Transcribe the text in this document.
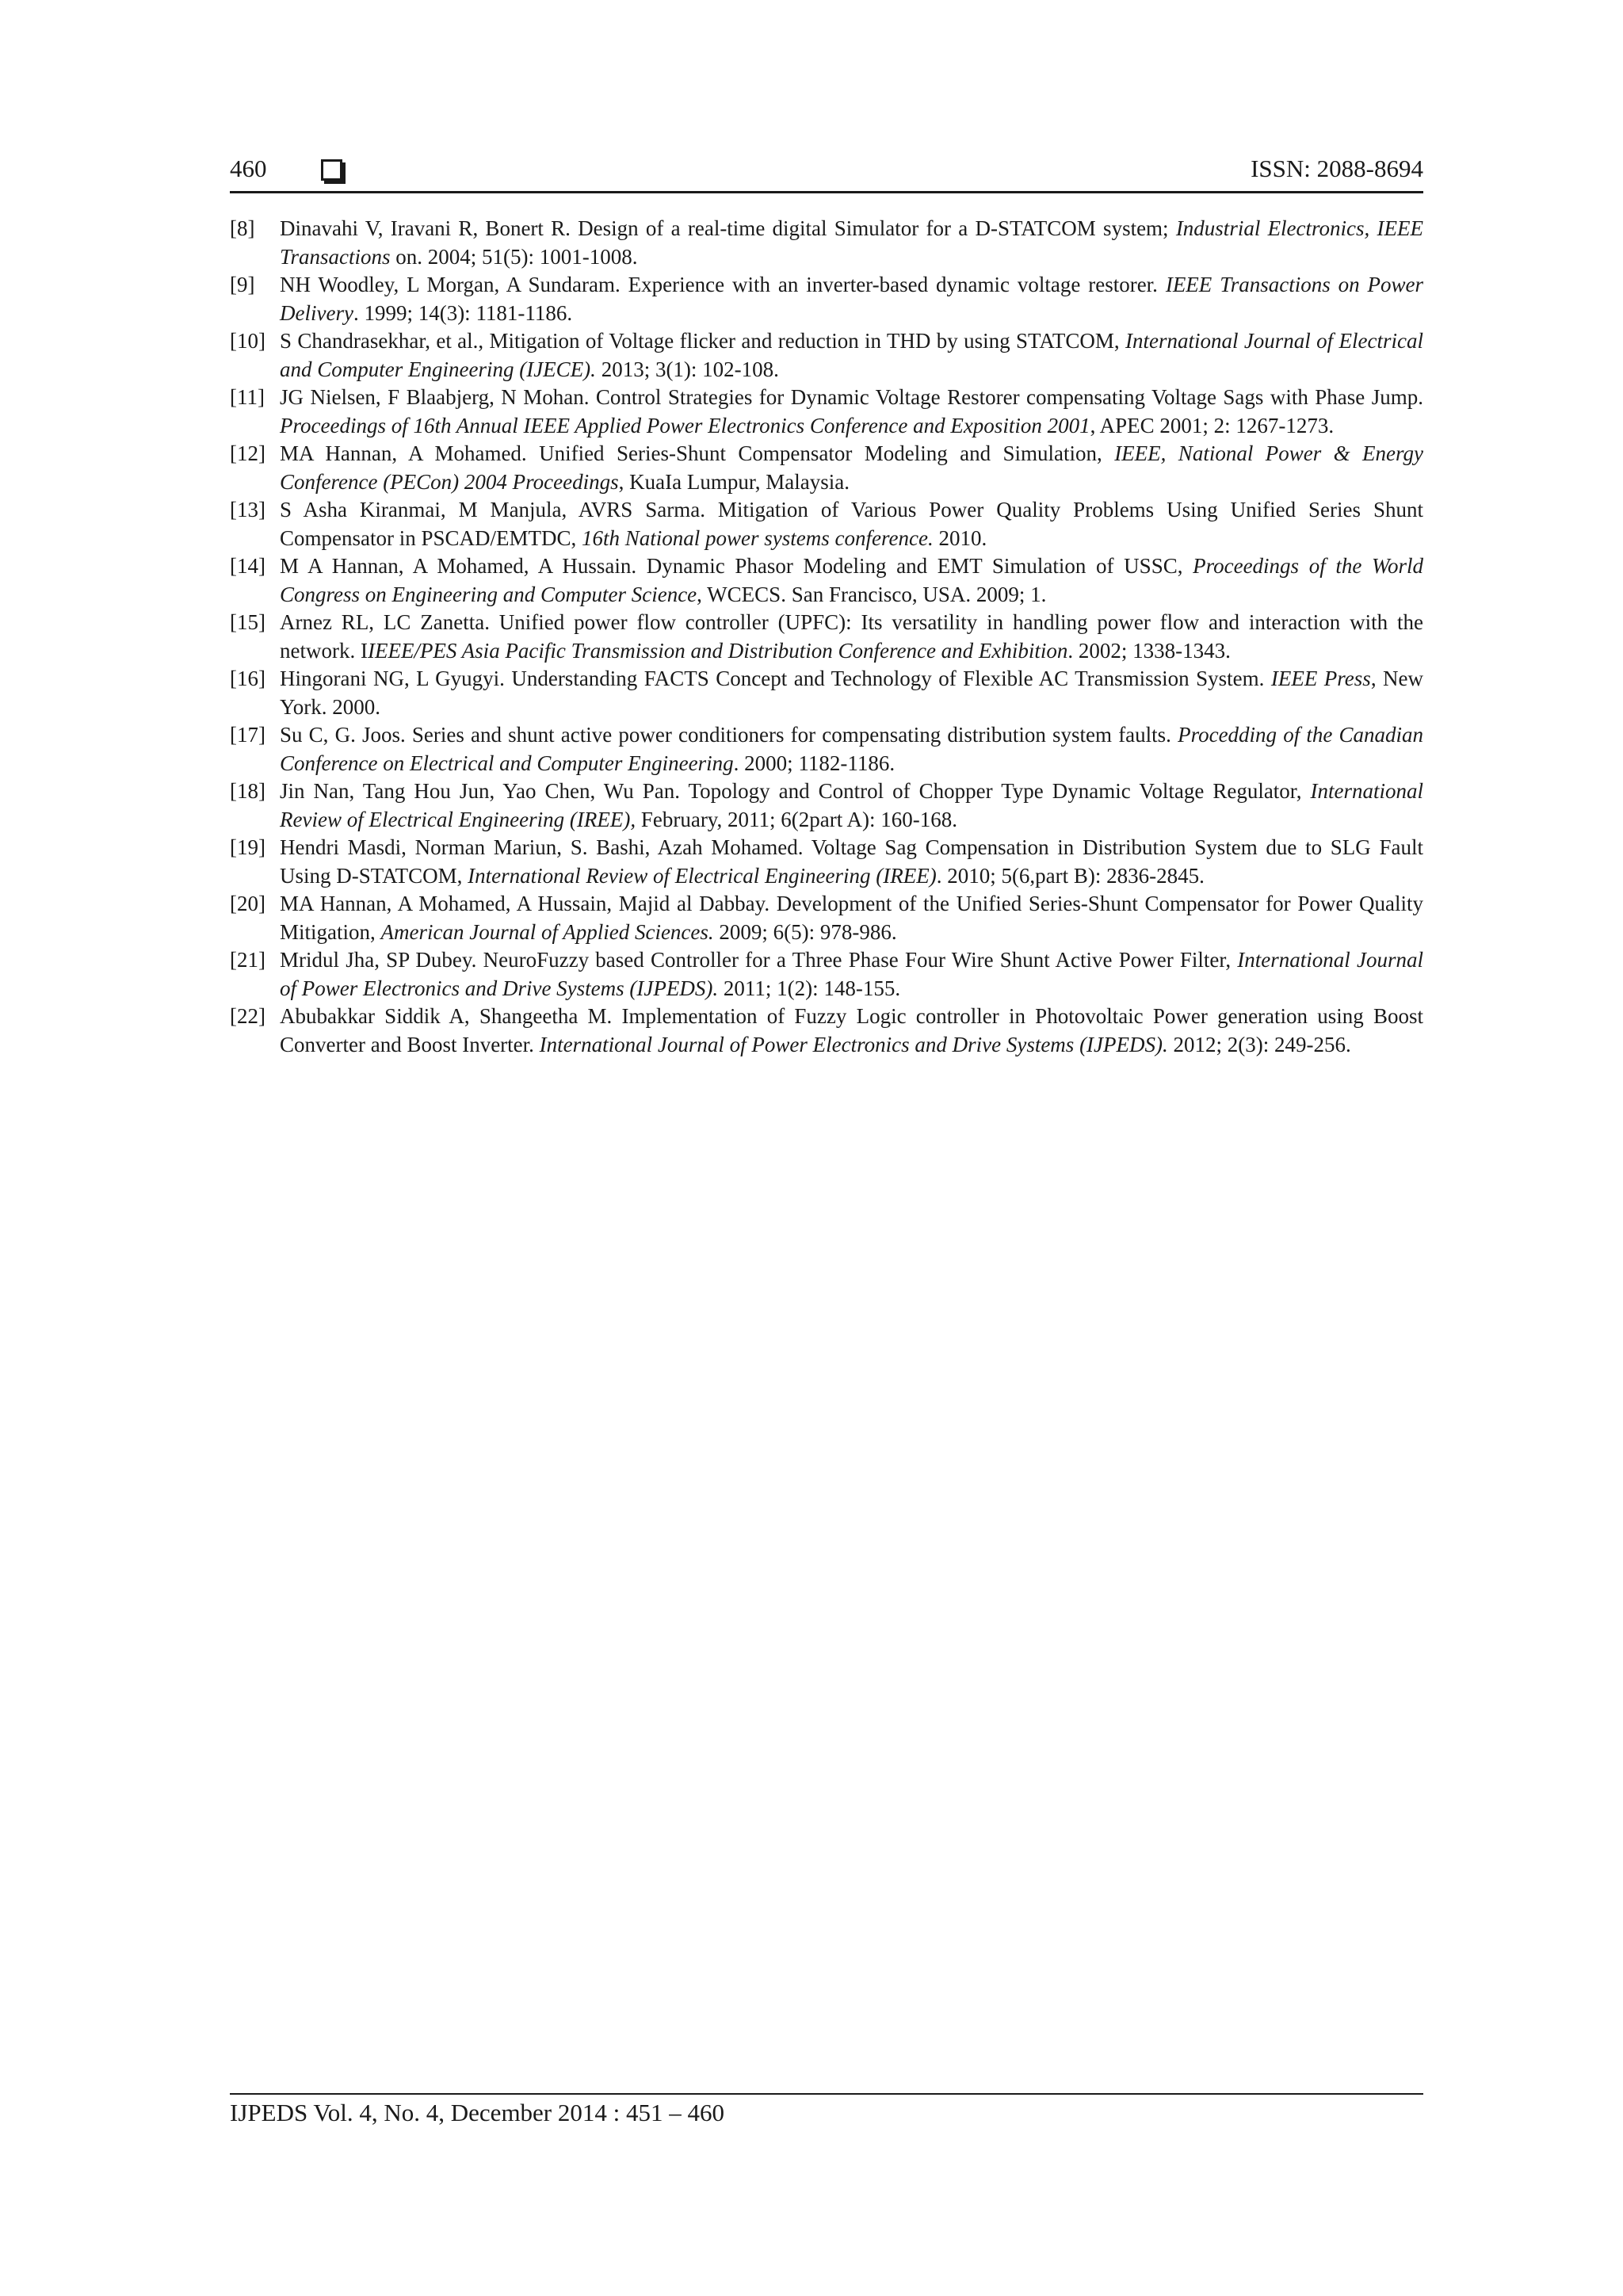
460	ISSN: 2088-8694
[8] Dinavahi V, Iravani R, Bonert R. Design of a real-time digital Simulator for a D-STATCOM system; Industrial Electronics, IEEE Transactions on. 2004; 51(5): 1001-1008.
[9] NH Woodley, L Morgan, A Sundaram. Experience with an inverter-based dynamic voltage restorer. IEEE Transactions on Power Delivery. 1999; 14(3): 1181-1186.
[10] S Chandrasekhar, et al., Mitigation of Voltage flicker and reduction in THD by using STATCOM, International Journal of Electrical and Computer Engineering (IJECE). 2013; 3(1): 102-108.
[11] JG Nielsen, F Blaabjerg, N Mohan. Control Strategies for Dynamic Voltage Restorer compensating Voltage Sags with Phase Jump. Proceedings of 16th Annual IEEE Applied Power Electronics Conference and Exposition 2001, APEC 2001; 2: 1267-1273.
[12] MA Hannan, A Mohamed. Unified Series-Shunt Compensator Modeling and Simulation, IEEE, National Power & Energy Conference (PECon) 2004 Proceedings, KuaIa Lumpur, Malaysia.
[13] S Asha Kiranmai, M Manjula, AVRS Sarma. Mitigation of Various Power Quality Problems Using Unified Series Shunt Compensator in PSCAD/EMTDC, 16th National power systems conference. 2010.
[14] M A Hannan, A Mohamed, A Hussain. Dynamic Phasor Modeling and EMT Simulation of USSC, Proceedings of the World Congress on Engineering and Computer Science, WCECS. San Francisco, USA. 2009; 1.
[15] Arnez RL, LC Zanetta. Unified power flow controller (UPFC): Its versatility in handling power flow and interaction with the network. IIEEE/PES Asia Pacific Transmission and Distribution Conference and Exhibition. 2002; 1338-1343.
[16] Hingorani NG, L Gyugyi. Understanding FACTS Concept and Technology of Flexible AC Transmission System. IEEE Press, New York. 2000.
[17] Su C, G. Joos. Series and shunt active power conditioners for compensating distribution system faults. Procedding of the Canadian Conference on Electrical and Computer Engineering. 2000; 1182-1186.
[18] Jin Nan, Tang Hou Jun, Yao Chen, Wu Pan. Topology and Control of Chopper Type Dynamic Voltage Regulator, International Review of Electrical Engineering (IREE), February, 2011; 6(2part A): 160-168.
[19] Hendri Masdi, Norman Mariun, S. Bashi, Azah Mohamed. Voltage Sag Compensation in Distribution System due to SLG Fault Using D-STATCOM, International Review of Electrical Engineering (IREE). 2010; 5(6,part B): 2836-2845.
[20] MA Hannan, A Mohamed, A Hussain, Majid al Dabbay. Development of the Unified Series-Shunt Compensator for Power Quality Mitigation, American Journal of Applied Sciences. 2009; 6(5): 978-986.
[21] Mridul Jha, SP Dubey. NeuroFuzzy based Controller for a Three Phase Four Wire Shunt Active Power Filter, International Journal of Power Electronics and Drive Systems (IJPEDS). 2011; 1(2): 148-155.
[22] Abubakkar Siddik A, Shangeetha M. Implementation of Fuzzy Logic controller in Photovoltaic Power generation using Boost Converter and Boost Inverter. International Journal of Power Electronics and Drive Systems (IJPEDS). 2012; 2(3): 249-256.
IJPEDS Vol. 4, No. 4, December 2014 : 451 – 460
